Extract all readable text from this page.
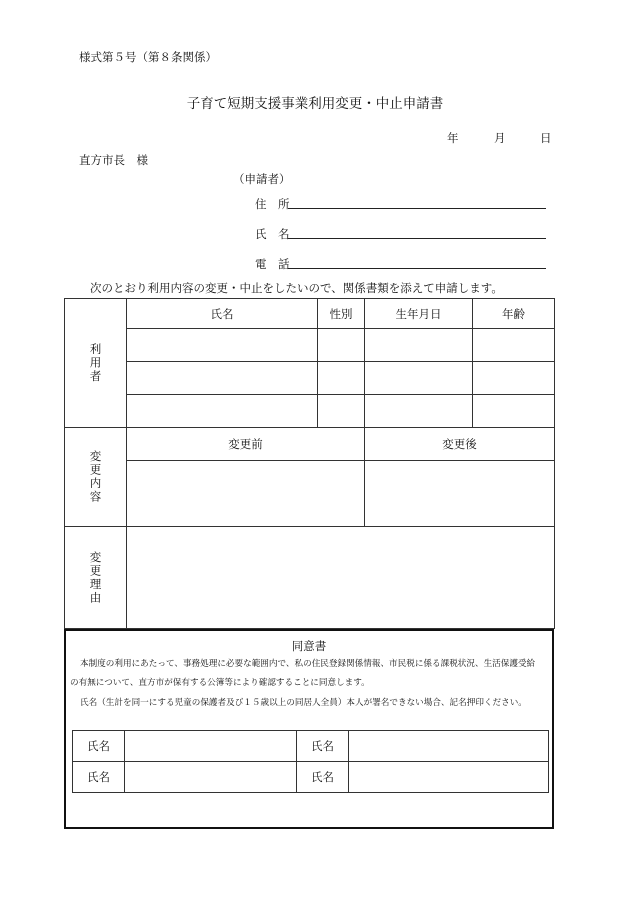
様式第５号（第８条関係）
子育て短期支援事業利用変更・中止申請書
年	月	日
直方市長　様
（申請者）
住　所
氏　名
電　話
次のとおり利用内容の変更・中止をしたいので、関係書類を添えて申請します。
利用者	氏名	性別	生年月日	年齢

変更内容	変更前		変更後	

変更理由				

同意書
本制度の利用にあたって、事務処理に必要な範囲内で、私の住民登録関係情報、市民税に係る課税状況、生活保護受給
の有無について、直方市が保有する公簿等により確認することに同意します。
氏名（生計を同一にする児童の保護者及び１５歳以上の同居人全員）本人が署名できない場合、記名押印ください。
氏名		氏名	
氏名		氏名	
